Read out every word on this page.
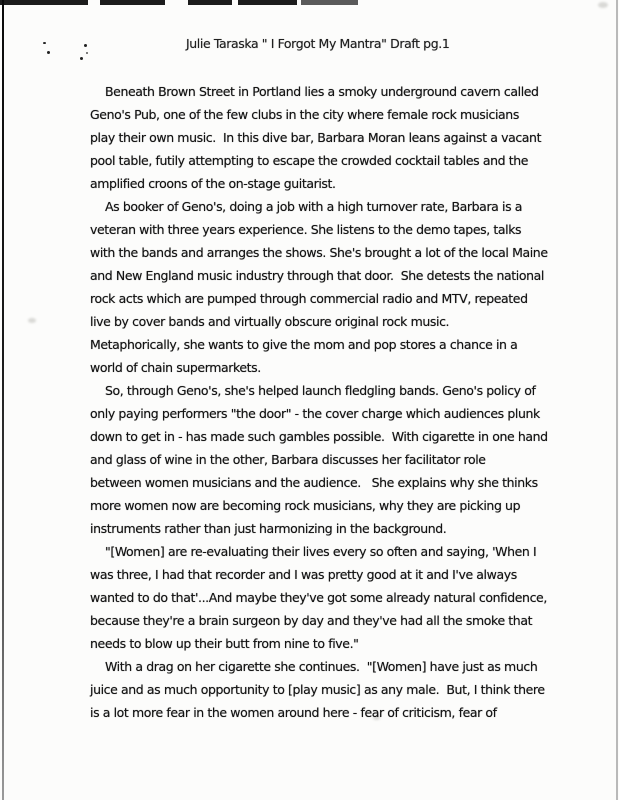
Julie Taraska " I Forgot My Mantra" Draft pg.1
Beneath Brown Street in Portland lies a smoky underground cavern called
Geno's Pub, one of the few clubs in the city where female rock musicians
play their own music.  In this dive bar, Barbara Moran leans against a vacant
pool table, futily attempting to escape the crowded cocktail tables and the
amplified croons of the on-stage guitarist.
As booker of Geno's, doing a job with a high turnover rate, Barbara is a
veteran with three years experience. She listens to the demo tapes, talks
with the bands and arranges the shows. She's brought a lot of the local Maine
and New England music industry through that door.  She detests the national
rock acts which are pumped through commercial radio and MTV, repeated
live by cover bands and virtually obscure original rock music.
Metaphorically, she wants to give the mom and pop stores a chance in a
world of chain supermarkets.
So, through Geno's, she's helped launch fledgling bands. Geno's policy of
only paying performers "the door" - the cover charge which audiences plunk
down to get in - has made such gambles possible.  With cigarette in one hand
and glass of wine in the other, Barbara discusses her facilitator role
between women musicians and the audience.   She explains why she thinks
more women now are becoming rock musicians, why they are picking up
instruments rather than just harmonizing in the background.
"[Women] are re-evaluating their lives every so often and saying, 'When I
was three, I had that recorder and I was pretty good at it and I've always
wanted to do that'...And maybe they've got some already natural confidence,
because they're a brain surgeon by day and they've had all the smoke that
needs to blow up their butt from nine to five."
With a drag on her cigarette she continues.  "[Women] have just as much
juice and as much opportunity to [play music] as any male.  But, I think there
is a lot more fear in the women around here - fear of criticism, fear of
